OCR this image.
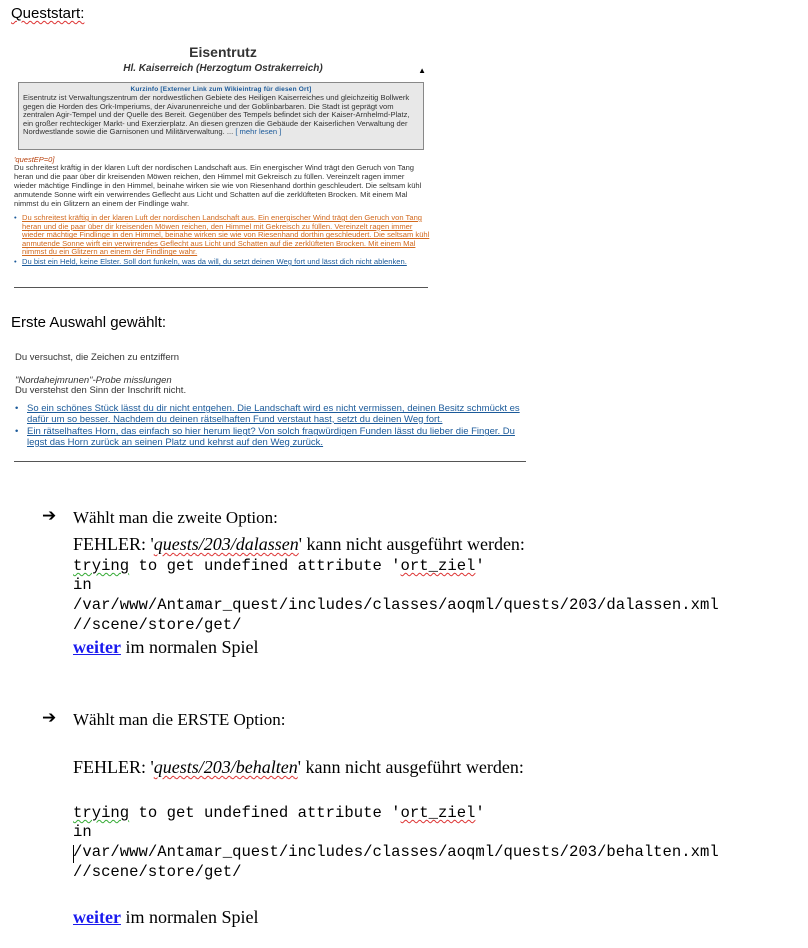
Queststart:
Eisentrutz
Hl. Kaiserreich (Herzogtum Ostrakerreich)	▲
Kurzinfo [Externer Link zum Wikieintrag für diesen Ort]
Eisentrutz ist Verwaltungszentrum der nordwestlichen Gebiete des Heiligen Kaiserreiches und gleichzeitig Bollwerk gegen die Horden des Ork-Imperiums, der Aivarunenreiche und der Goblinbarbaren. Die Stadt ist geprägt vom zentralen Agir-Tempel und der Quelle des Bereit. Gegenüber des Tempels befindet sich der Kaiser-Arnhelmd-Platz, ein großer rechteckiger Markt- und Exerzierplatz. An diesen grenzen die Gebäude der Kaiserlichen Verwaltung der Nordwestlande sowie die Garnisonen und Militärverwaltung. ... [ mehr lesen ]
'questEP=0]
Du schreitest kräftig in der klaren Luft der nordischen Landschaft aus. Ein energischer Wind trägt den Geruch von Tang heran und die paar über dir kreisenden Möwen reichen, den Himmel mit Gekreisch zu füllen. Vereinzelt ragen immer wieder mächtige Findlinge in den Himmel, beinahe wirken sie wie von Riesenhand dorthin geschleudert. Die seltsam kühl anmutende Sonne wirft ein verwirrendes Geflecht aus Licht und Schatten auf die zerklüfteten Brocken. Mit einem Mal nimmst du ein Glitzern an einem der Findlinge wahr.
• Du schreitest kräftig in der klaren Luft der nordischen Landschaft aus. Ein energischer Wind trägt den Geruch von Tang heran und die paar über dir kreisenden Möwen reichen, den Himmel mit Gekreisch zu füllen. Vereinzelt ragen immer wieder mächtige Findlinge in den Himmel, beinahe wirken sie wie von Riesenhand dorthin geschleudert. Die seltsam kühl anmutende Sonne wirft ein verwirrendes Geflecht aus Licht und Schatten auf die zerklüfteten Brocken. Mit einem Mal nimmst du ein Glitzern an einem der Findlinge wahr.
• Du bist ein Held, keine Elster. Soll dort funkeln, was da will, du setzt deinen Weg fort und lässt dich nicht ablenken.
Erste Auswahl gewählt:
Du versuchst, die Zeichen zu entziffern
"Nordahejmrunen"-Probe misslungen
Du verstehst den Sinn der Inschrift nicht.
• So ein schönes Stück lässt du dir nicht entgehen. Die Landschaft wird es nicht vermissen, deinen Besitz schmückt es dafür um so besser. Nachdem du deinen rätselhaften Fund verstaut hast, setzt du deinen Weg fort.
• Ein rätselhaftes Horn, das einfach so hier herum liegt? Von solch fragwürdigen Funden lässt du lieber die Finger. Du legst das Horn zurück an seinen Platz und kehrst auf den Weg zurück.
➔ Wählt man die zweite Option:
FEHLER: 'quests/203/dalassen' kann nicht ausgeführt werden:
trying to get undefined attribute 'ort_ziel'
in
/var/www/Antamar_quest/includes/classes/aoqml/quests/203/dalassen.xml
//scene/store/get/
weiter im normalen Spiel
➔ Wählt man die ERSTE Option:
FEHLER: 'quests/203/behalten' kann nicht ausgeführt werden:
trying to get undefined attribute 'ort_ziel'
in
/var/www/Antamar_quest/includes/classes/aoqml/quests/203/behalten.xml
//scene/store/get/
weiter im normalen Spiel
